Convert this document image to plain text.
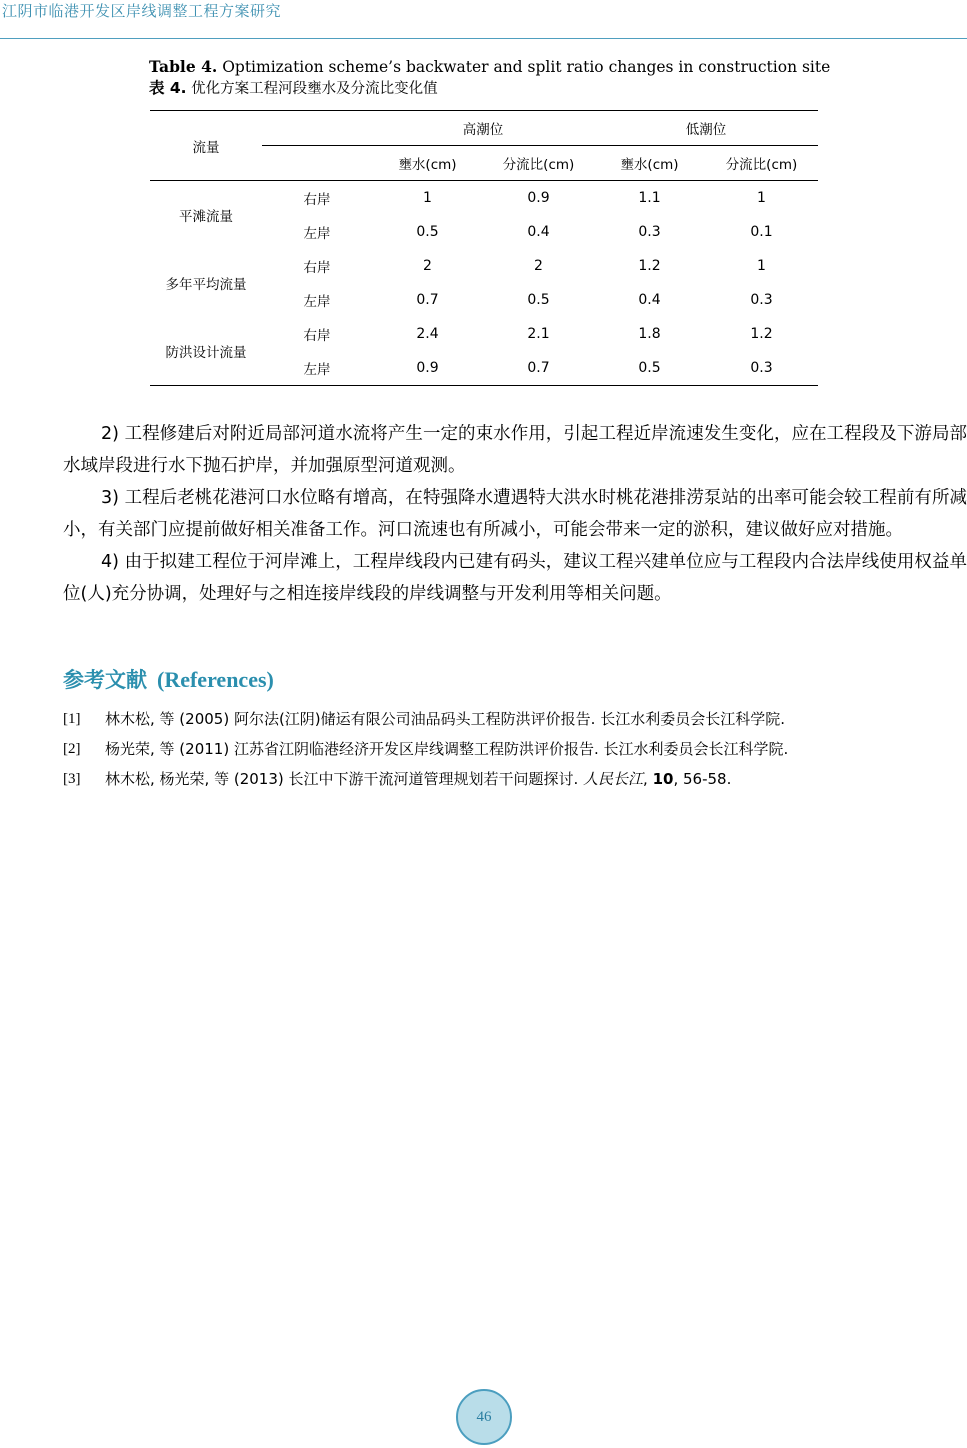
江阴市临港开发区岸线调整工程方案研究
Table 4. Optimization scheme’s backwater and split ratio changes in construction site
表 4. 优化方案工程河段壅水及分流比变化值
流量		高潮位		低潮位	
		壅水(cm)	分流比(cm)	壅水(cm)	分流比(cm)
平滩流量	右岸	1	0.9	1.1	1
	左岸	0.5	0.4	0.3	0.1
多年平均流量	右岸	2	2	1.2	1
	左岸	0.7	0.5	0.4	0.3
防洪设计流量	右岸	2.4	2.1	1.8	1.2
	左岸	0.9	0.7	0.5	0.3

2) 工程修建后对附近局部河道水流将产生一定的束水作用，引起工程近岸流速发生变化，应在工程段及下游局部水域岸段进行水下抛石护岸，并加强原型河道观测。

3) 工程后老桃花港河口水位略有增高，在特强降水遭遇特大洪水时桃花港排涝泵站的出率可能会较工程前有所减小，有关部门应提前做好相关准备工作。河口流速也有所减小，可能会带来一定的淤积，建议做好应对措施。

4) 由于拟建工程位于河岸滩上，工程岸线段内已建有码头，建议工程兴建单位应与工程段内合法岸线使用权益单位(人)充分协调，处理好与之相连接岸线段的岸线调整与开发利用等相关问题。

参考文献 (References)
[1]	林木松, 等 (2005) 阿尔法(江阴)储运有限公司油品码头工程防洪评价报告. 长江水利委员会长江科学院.
[2]	杨光荣, 等 (2011) 江苏省江阴临港经济开发区岸线调整工程防洪评价报告. 长江水利委员会长江科学院.
[3]	林木松, 杨光荣, 等 (2013) 长江中下游干流河道管理规划若干问题探讨. 人民长江, 10, 56-58.
46
